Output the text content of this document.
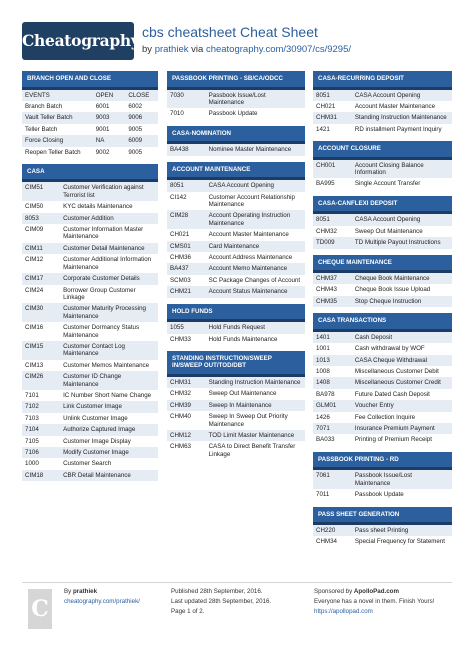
Cheatography cbs cheatsheet Cheat Sheet
by prathiek via cheatography.com/30907/cs/9295/
BRANCH OPEN AND CLOSE
EVENTS	OPEN	CLOSE
Branch Batch	6001	6002
Vault Teller Batch	9003	9006
Teller Batch	9001	9005
Force Closing	NA	6009
Reopen Teller Batch	9002	9005
CASA
CIM51	Customer Verification against Terrorist list
CIM50	KYC details Maintenance
8053	Customer Addition
CIM09	Customer Information Master Maintenance
CIM11	Customer Detail Maintenance
CIM12	Customer Additional Information Maintenance
CIM17	Corporate Customer Details
CIM24	Borrower Group Customer Linkage
CIM30	Customer Maturity Processing Maintenance
CIM16	Customer Dormancy Status Maintenance
CIM15	Customer Contact Log Maintenance
CIM13	Customer Memos Maintenance
CIM26	Customer ID Change Maintenance
7101	IC Number Short Name Change
7102	Link Customer Image
7103	Unlink Customer Image
7104	Authorize Captured Image
7105	Customer Image Display
7106	Modify Customer Image
1000	Customer Search
CIM18	CBR Detail Maintenance
PASSBOOK PRINTING - SB/CA/ODCC
7030	Passbook Issue/Lost Maintenance
7010	Passbook Update
CASA-NOMINATION
BA438	Nominee Master Maintenance
ACCOUNT MAINTENANCE
8051	CASA Account Opening
CI142	Customer Account Relationship Maintenance
CIM28	Account Operating Instruction Maintenance
CH021	Account Master Maintenance
CMS01	Card Maintenance
CHM36	Account Address Maintenance
BA437	Account Memo Maintenance
SCM03	SC Package Changes of Account
CHM21	Account Status Maintenance
HOLD FUNDS
1055	Hold Funds Request
CHM33	Hold Funds Maintenance
STANDING INSTRUCTION/SWEEP IN/SWEEP OUT/TOD/DBT
CHM31	Standing Instruction Maintenance
CHM32	Sweep Out Maintenance
CHM39	Sweep In Maintenance
CHM40	Sweep In Sweep Out Priority Maintenance
CHM12	TOD Limit Master Maintenance
CHM63	CASA to Direct Benefit Transfer Linkage
CASA-RECURRING DEPOSIT
8051	CASA Account Opening
CH021	Account Master Maintenance
CHM31	Standing Instruction Maintenance
1421	RD installment Payment Inquiry
ACCOUNT CLOSURE
CH001	Account Closing Balance Information
BA995	Single Account Transfer
CASA-CANFLEXI DEPOSIT
8051	CASA Account Opening
CHM32	Sweep Out Maintenance
TD009	TD Multiple Payout Instructions
CHEQUE MAINTENANCE
CHM37	Cheque Book Maintenance
CHM43	Cheque Book Issue Upload
CHM35	Stop Cheque Instruction
CASA TRANSACTIONS
1401	Cash Deposit
1001	Cash withdrawal by WOF
1013	CASA Cheque Withdrawal
1008	Miscellaneous Customer Debit
1408	Miscellaneous Customer Credit
BA978	Future Dated Cash Deposit
GLM01	Voucher Entry
1426	Fee Collection Inquire
7071	Insurance Premium Payment
BA033	Printing of Premium Receipt
PASSBOOK PRINTING - RD
7061	Passbook Issue/Lost Maintenance
7011	Passbook Update
PASS SHEET GENERATION
CH220	Pass sheet Printing
CHM34	Special Frequency for Statement
C
By prathiek
cheatography.com/prathiek/
Published 28th September, 2016.
Last updated 28th September, 2016.
Page 1 of 2.
Sponsored by ApolloPad.com
Everyone has a novel in them. Finish Yours!
https://apollopad.com
